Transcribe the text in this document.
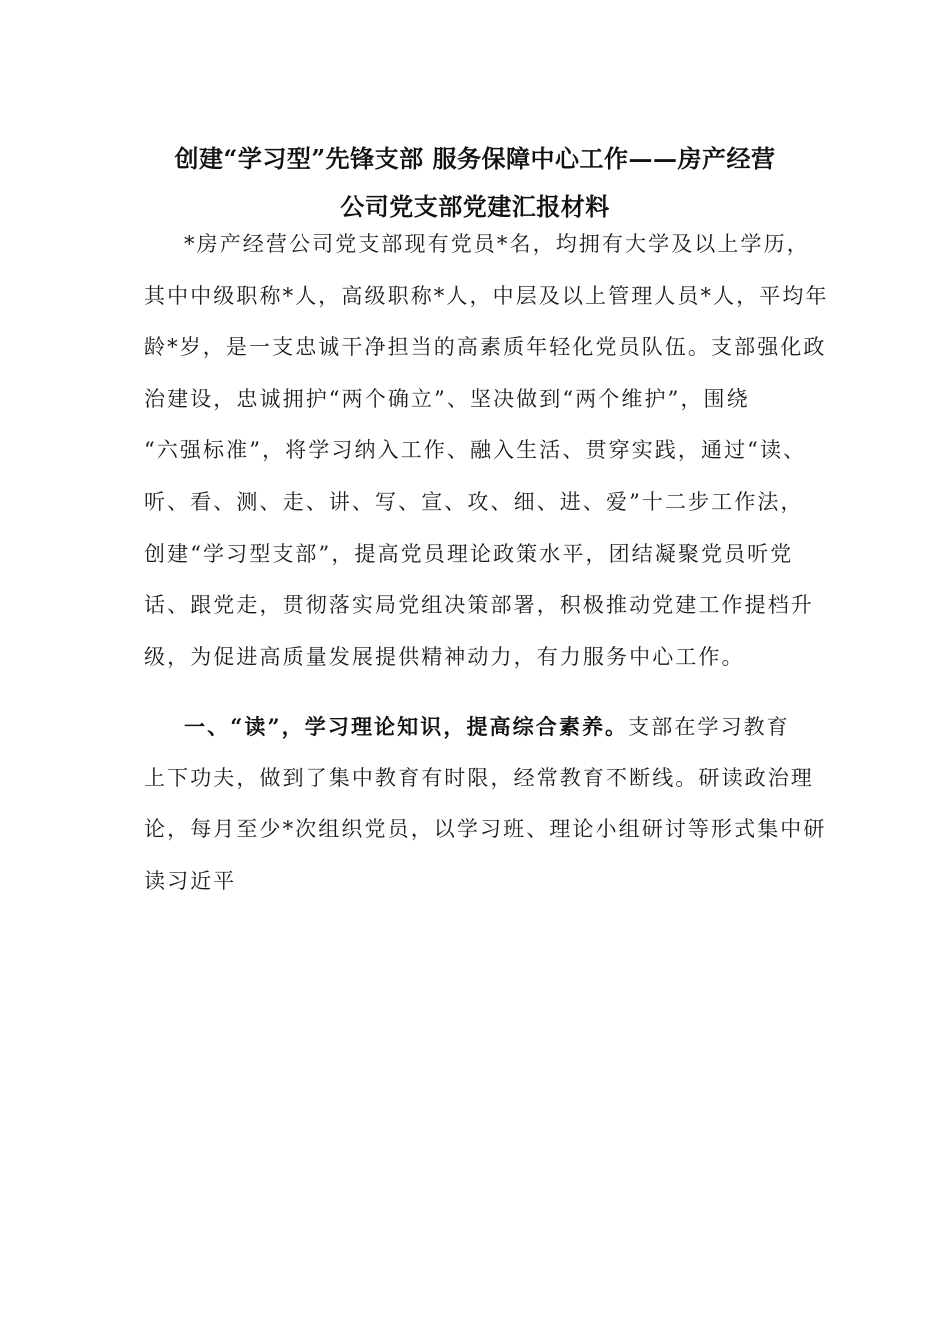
创建“学习型”先锋支部 服务保障中心工作——房产经营
公司党支部党建汇报材料
*房产经营公司党支部现有党员*名，均拥有大学及以上学历，
其中中级职称*人，高级职称*人，中层及以上管理人员*人，平均年
龄*岁，是一支忠诚干净担当的高素质年轻化党员队伍。支部强化政
治建设，忠诚拥护“两个确立”、坚决做到“两个维护”，围绕
“六强标准”，将学习纳入工作、融入生活、贯穿实践，通过“读、
听、看、测、走、讲、写、宣、攻、细、进、爱”十二步工作法，
创建“学习型支部”，提高党员理论政策水平，团结凝聚党员听党
话、跟党走，贯彻落实局党组决策部署，积极推动党建工作提档升
级，为促进高质量发展提供精神动力，有力服务中心工作。
一、“读”，学习理论知识，提高综合素养。支部在学习教育
上下功夫，做到了集中教育有时限，经常教育不断线。研读政治理
论，每月至少*次组织党员，以学习班、理论小组研讨等形式集中研
读习近平
